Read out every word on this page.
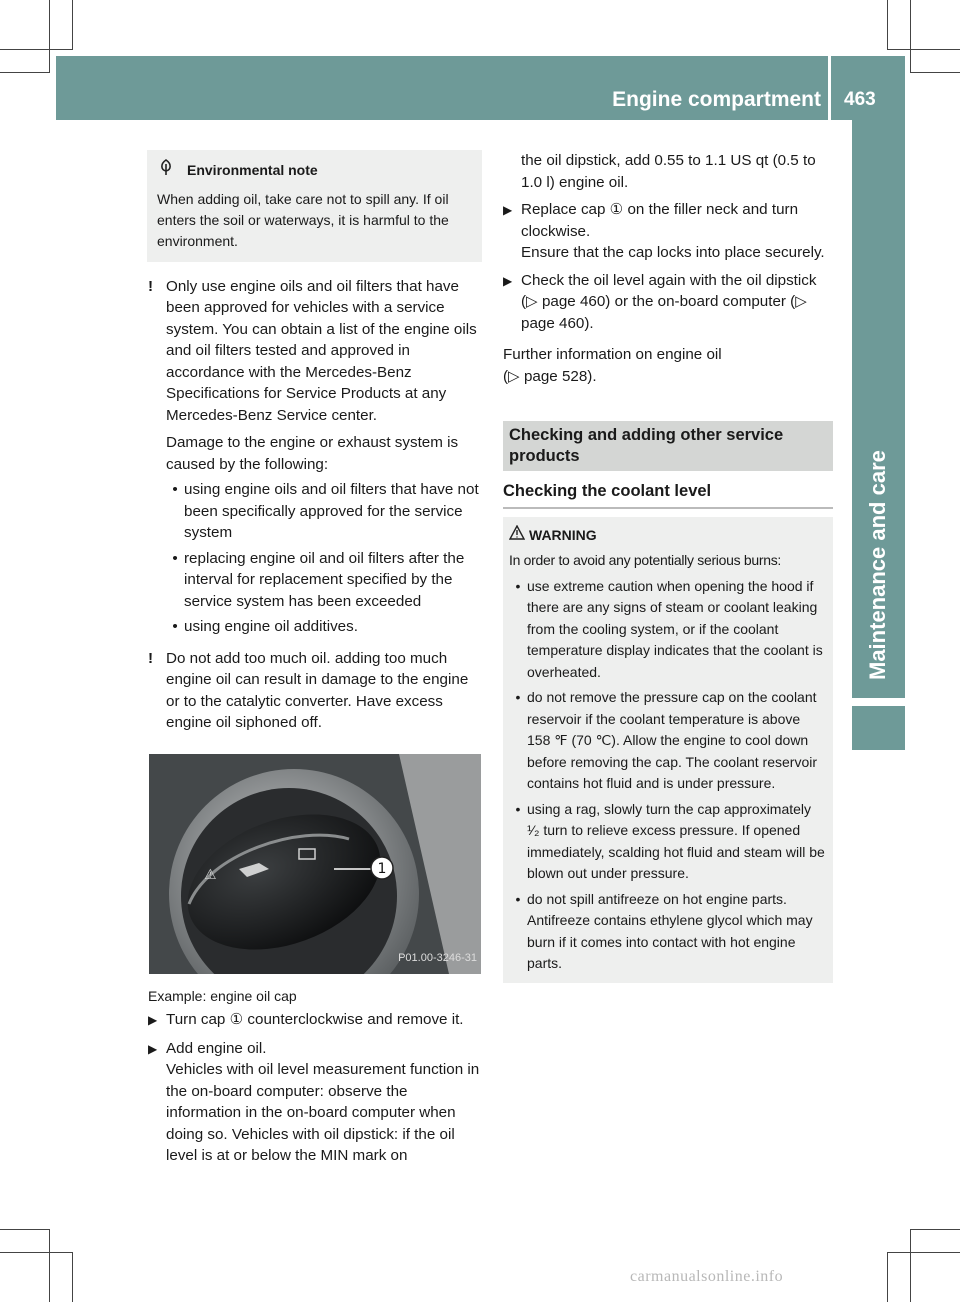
Engine compartment 463
Maintenance and care
Environmental note
When adding oil, take care not to spill any. If oil enters the soil or waterways, it is harmful to the environment.
! Only use engine oils and oil filters that have been approved for vehicles with a service system. You can obtain a list of the engine oils and oil filters tested and approved in accordance with the Mercedes-Benz Specifications for Service Products at any Mercedes-Benz Service center.

Damage to the engine or exhaust system is caused by the following:

• using engine oils and oil filters that have not been specifically approved for the service system
• replacing engine oil and oil filters after the interval for replacement specified by the service system has been exceeded
• using engine oil additives.
! Do not add too much oil. adding too much engine oil can result in damage to the engine or to the catalytic converter. Have excess engine oil siphoned off.

⚠	1
P01.00-3246-31
Example: engine oil cap
▶ Turn cap ① counterclockwise and remove it.
▶ Add engine oil.
Vehicles with oil level measurement function in the on-board computer: observe the information in the on-board computer when doing so. Vehicles with oil dipstick: if the oil level is at or below the MIN mark on

the oil dipstick, add 0.55 to 1.1 US qt (0.5 to 1.0 l) engine oil.

▶ Replace cap ① on the filler neck and turn clockwise.
Ensure that the cap locks into place securely.
▶ Check the oil level again with the oil dipstick (▷ page 460) or the on-board computer (▷ page 460).

Further information on engine oil
(▷ page 528).

Checking and adding other service products
Checking the coolant level
WARNING

In order to avoid any potentially serious burns:

• use extreme caution when opening the hood if there are any signs of steam or coolant leaking from the cooling system, or if the coolant temperature display indicates that the coolant is overheated.
• do not remove the pressure cap on the coolant reservoir if the coolant temperature is above 158 ℉ (70 ℃). Allow the engine to cool down before removing the cap. The coolant reservoir contains hot fluid and is under pressure.
• using a rag, slowly turn the cap approximately ¹⁄₂ turn to relieve excess pressure. If opened immediately, scalding hot fluid and steam will be blown out under pressure.
• do not spill antifreeze on hot engine parts. Antifreeze contains ethylene glycol which may burn if it comes into contact with hot engine parts.
carmanualsonline.info
